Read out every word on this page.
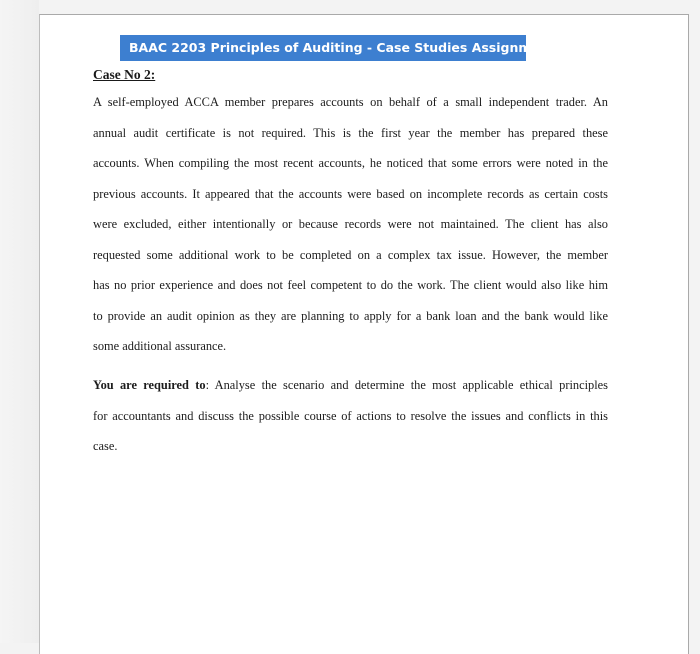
BAAC 2203 Principles of Auditing - Case Studies Assignment
Case No 2:
A self-employed ACCA member prepares accounts on behalf of a small independent trader. An
annual audit certificate is not required. This is the first year the member has prepared these
accounts. When compiling the most recent accounts, he noticed that some errors were noted in the
previous accounts. It appeared that the accounts were based on incomplete records as certain costs
were excluded, either intentionally or because records were not maintained. The client has also
requested some additional work to be completed on a complex tax issue. However, the member
has no prior experience and does not feel competent to do the work. The client would also like him
to provide an audit opinion as they are planning to apply for a bank loan and the bank would like
some additional assurance.
You are required to: Analyse the scenario and determine the most applicable ethical principles
for accountants and discuss the possible course of actions to resolve the issues and conflicts in this
case.
